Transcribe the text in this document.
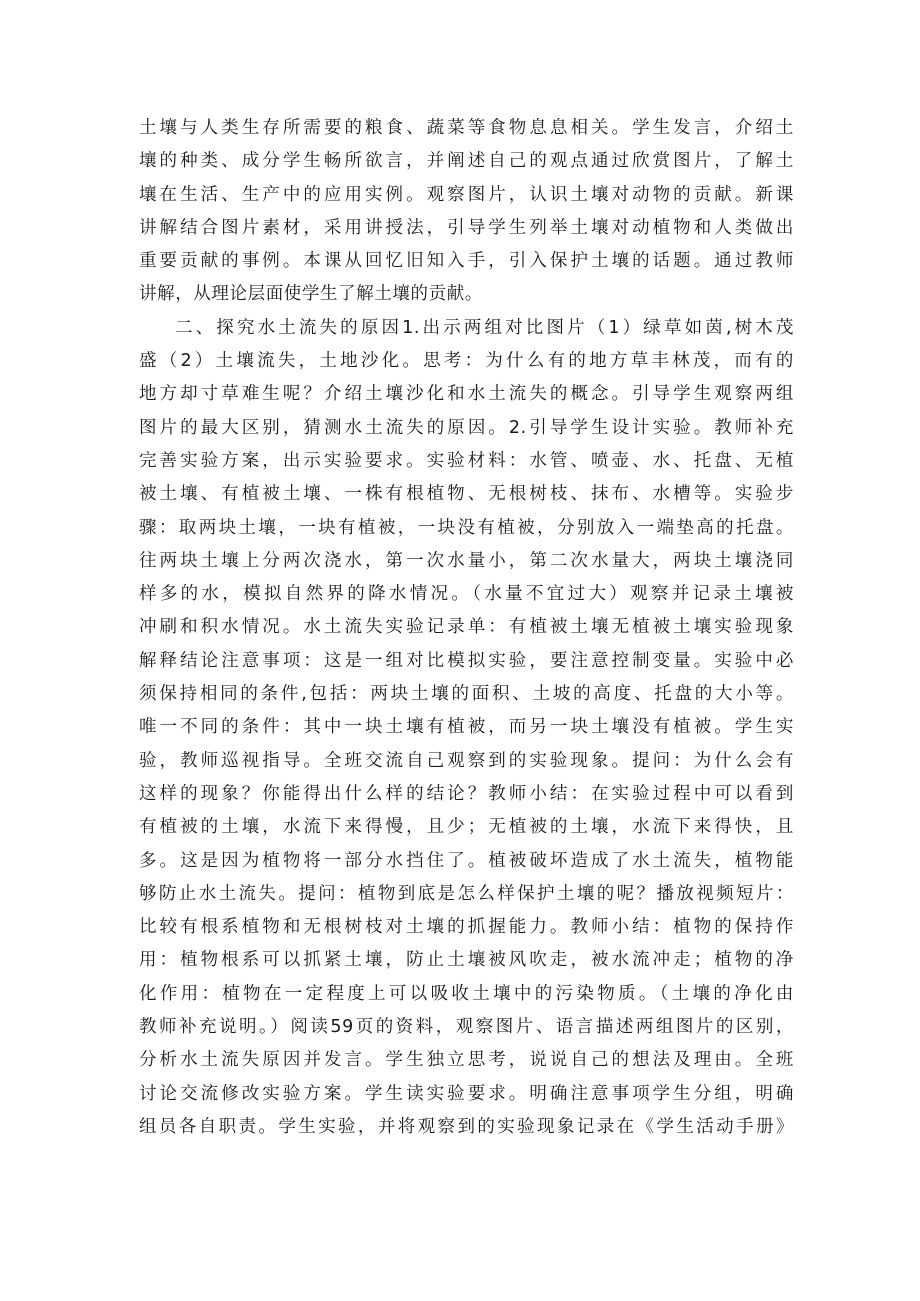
土壤与人类生存所需要的粮食、蔬菜等食物息息相关。学生发言，介绍土
壤的种类、成分学生畅所欲言，并阐述自己的观点通过欣赏图片，了解土
壤在生活、生产中的应用实例。观察图片，认识土壤对动物的贡献。新课
讲解结合图片素材，采用讲授法，引导学生列举土壤对动植物和人类做出
重要贡献的事例。本课从回忆旧知入手，引入保护土壤的话题。通过教师
讲解，从理论层面使学生了解土壤的贡献。
二、探究水土流失的原因1.出示两组对比图片（1）绿草如茵,树木茂
盛（2）土壤流失，土地沙化。思考：为什么有的地方草丰林茂，而有的
地方却寸草难生呢？介绍土壤沙化和水土流失的概念。引导学生观察两组
图片的最大区别，猜测水土流失的原因。2.引导学生设计实验。教师补充
完善实验方案，出示实验要求。实验材料：水管、喷壶、水、托盘、无植
被土壤、有植被土壤、一株有根植物、无根树枝、抹布、水槽等。实验步
骤：取两块土壤，一块有植被，一块没有植被，分别放入一端垫高的托盘。
往两块土壤上分两次浇水，第一次水量小，第二次水量大，两块土壤浇同
样多的水，模拟自然界的降水情况。（水量不宜过大）观察并记录土壤被
冲刷和积水情况。水土流失实验记录单：有植被土壤无植被土壤实验现象
解释结论注意事项：这是一组对比模拟实验，要注意控制变量。实验中必
须保持相同的条件,包括：两块土壤的面积、土坡的高度、托盘的大小等。
唯一不同的条件：其中一块土壤有植被，而另一块土壤没有植被。学生实
验，教师巡视指导。全班交流自己观察到的实验现象。提问：为什么会有
这样的现象？你能得出什么样的结论？教师小结：在实验过程中可以看到
有植被的土壤，水流下来得慢，且少；无植被的土壤，水流下来得快，且
多。这是因为植物将一部分水挡住了。植被破坏造成了水土流失，植物能
够防止水土流失。提问：植物到底是怎么样保护土壤的呢？播放视频短片：
比较有根系植物和无根树枝对土壤的抓握能力。教师小结：植物的保持作
用：植物根系可以抓紧土壤，防止土壤被风吹走，被水流冲走；植物的净
化作用：植物在一定程度上可以吸收土壤中的污染物质。（土壤的净化由
教师补充说明。）阅读59页的资料，观察图片、语言描述两组图片的区别，
分析水土流失原因并发言。学生独立思考，说说自己的想法及理由。全班
讨论交流修改实验方案。学生读实验要求。明确注意事项学生分组，明确
组员各自职责。学生实验，并将观察到的实验现象记录在《学生活动手册》
